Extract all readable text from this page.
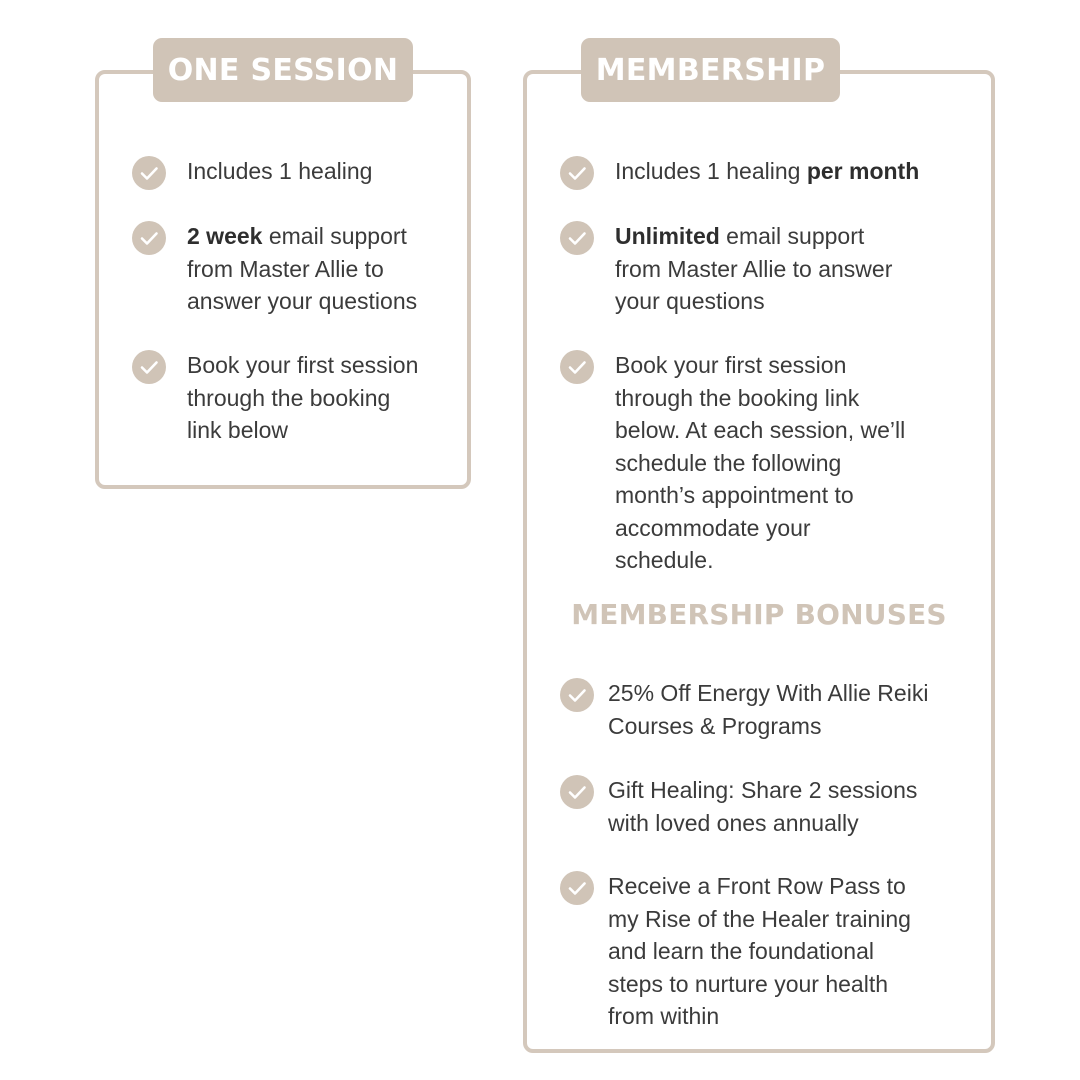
ONE SESSION	MEMBERSHIP
Includes 1 healing
2 week email support
from Master Allie to
answer your questions
Book your first session
through the booking
link below
Includes 1 healing per month
Unlimited email support
from Master Allie to answer
your questions
Book your first session
through the booking link
below. At each session, we’ll
schedule the following
month’s appointment to
accommodate your
schedule.
MEMBERSHIP BONUSES
25% Off Energy With Allie Reiki
Courses & Programs
Gift Healing: Share 2 sessions
with loved ones annually
Receive a Front Row Pass to
my Rise of the Healer training
and learn the foundational
steps to nurture your health
from within
